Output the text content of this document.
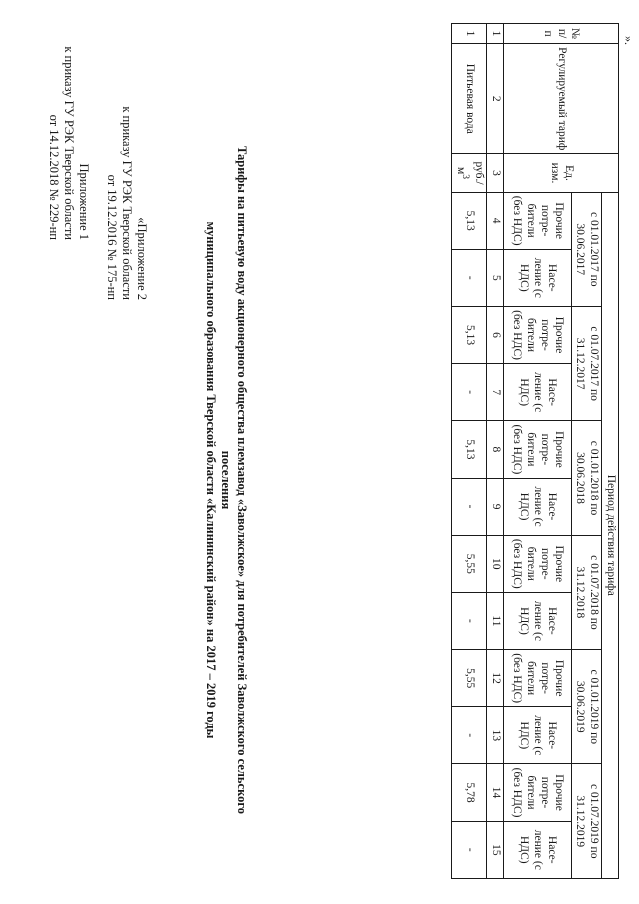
Приложение 1
к приказу ГУ РЭК Тверской области
от 14.12.2018 № 229-нп
«Приложение 2
к приказу ГУ РЭК Тверской области
от 19.12.2016 № 175-нп	Тарифы на питьевую воду акционерного общества племзавод «Заволжское» для потребителей Заволжского сельского поселения
муниципального образования Тверской области «Калининский район» на 2017 – 2019 годы
№ п/п	Регулируемый тариф	Ед. изм.	Период действия тарифа											
			с 01.01.2017 по 30.06.2017		с 01.07.2017 по 31.12.2017		с 01.01.2018 по 30.06.2018		с 01.07.2018 по 31.12.2018		с 01.01.2019 по 30.06.2019		с 01.07.2019 по 31.12.2019	
			Прочие потре-бители (без НДС)	Насе-ление (с НДС)	Прочие потре-бители (без НДС)	Насе-ление (с НДС)	Прочие потре-бители (без НДС)	Насе-ление (с НДС)	Прочие потре-бители (без НДС)	Насе-ление (с НДС)	Прочие потре-бители (без НДС)	Насе-ление (с НДС)	Прочие потре-бители (без НДС)	Насе-ление (с НДС)
1	2	3	4	5	6	7	8	9	10	11	12	13	14	15
1	Питьевая вода	$руб./м^3$	5,13	-	5,13	-	5,13	-	5,55	-	5,55	-	5,78	-
».
